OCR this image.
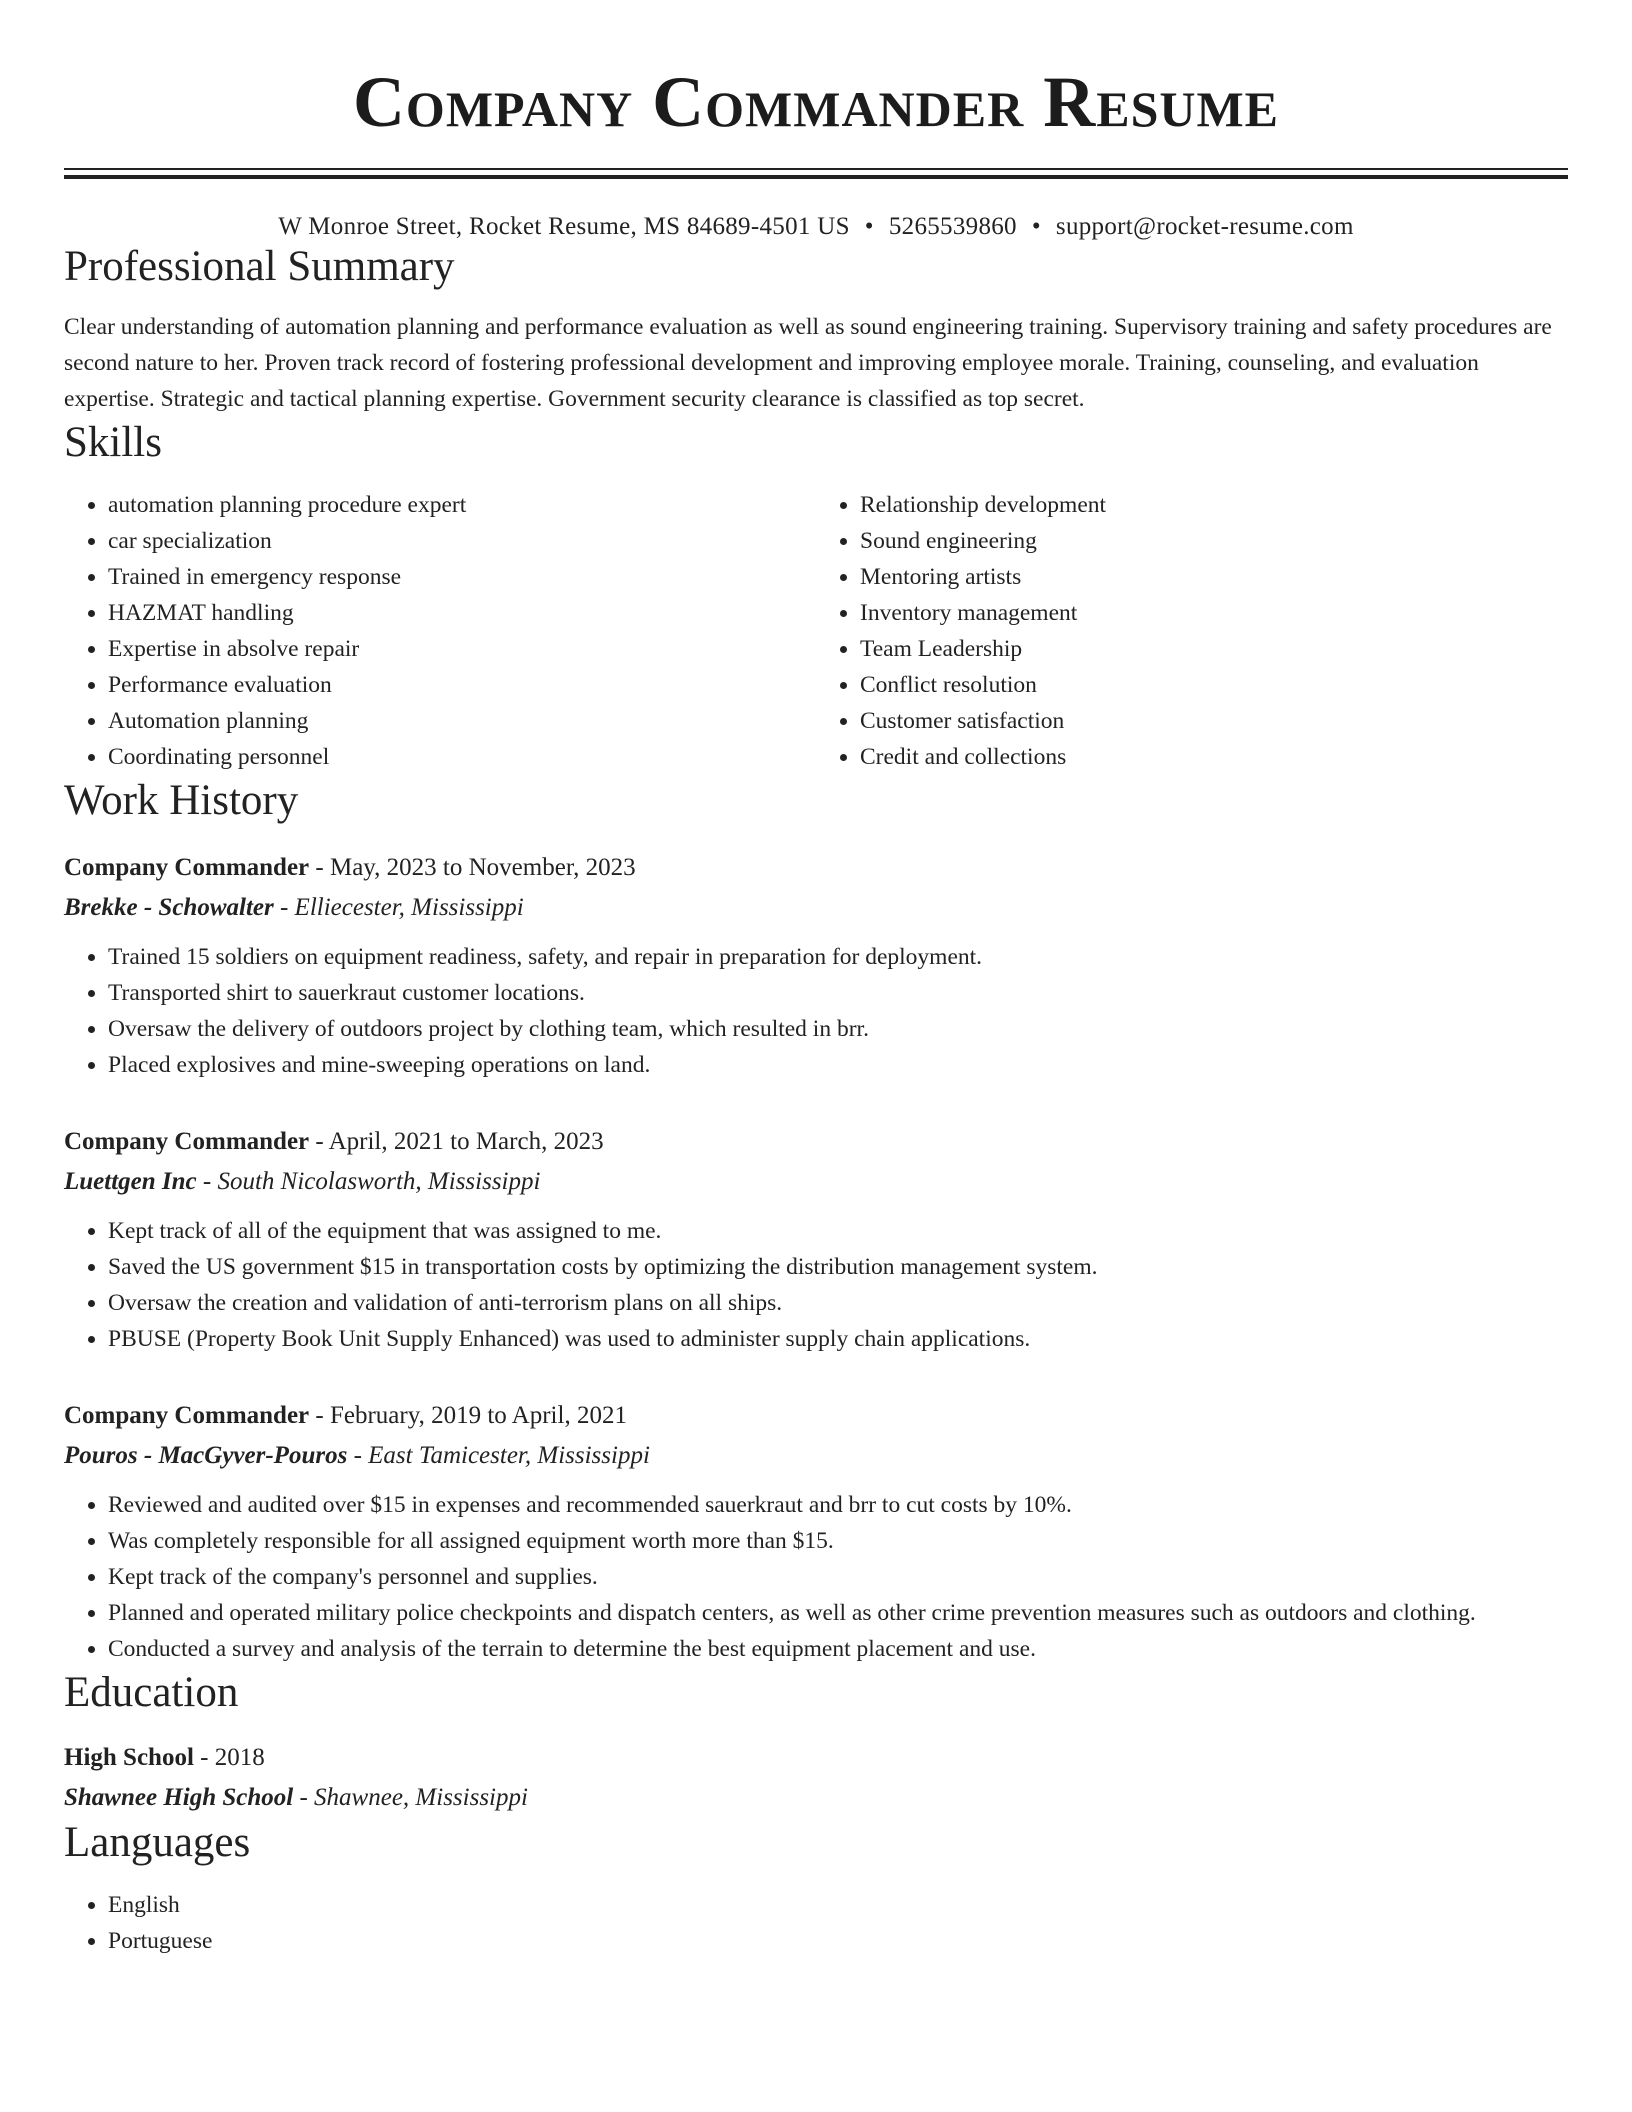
Company Commander Resume
W Monroe Street, Rocket Resume, MS 84689-4501 US • 5265539860 • support@rocket-resume.com
Professional Summary

Clear understanding of automation planning and performance evaluation as well as sound engineering training. Supervisory training and safety procedures are second nature to her. Proven track record of fostering professional development and improving employee morale. Training, counseling, and evaluation expertise. Strategic and tactical planning expertise. Government security clearance is classified as top secret.

Skills
• automation planning procedure expert
• car specialization
• Trained in emergency response
• HAZMAT handling
• Expertise in absolve repair
• Performance evaluation
• Automation planning
• Coordinating personnel
• Relationship development
• Sound engineering
• Mentoring artists
• Inventory management
• Team Leadership
• Conflict resolution
• Customer satisfaction
• Credit and collections
Work History
Company Commander - May, 2023 to November, 2023
Brekke - Schowalter - Elliecester, Mississippi
• Trained 15 soldiers on equipment readiness, safety, and repair in preparation for deployment.
• Transported shirt to sauerkraut customer locations.
• Oversaw the delivery of outdoors project by clothing team, which resulted in brr.
• Placed explosives and mine-sweeping operations on land.
Company Commander - April, 2021 to March, 2023
Luettgen Inc - South Nicolasworth, Mississippi
• Kept track of all of the equipment that was assigned to me.
• Saved the US government $15 in transportation costs by optimizing the distribution management system.
• Oversaw the creation and validation of anti-terrorism plans on all ships.
• PBUSE (Property Book Unit Supply Enhanced) was used to administer supply chain applications.
Company Commander - February, 2019 to April, 2021
Pouros - MacGyver-Pouros - East Tamicester, Mississippi
• Reviewed and audited over $15 in expenses and recommended sauerkraut and brr to cut costs by 10%.
• Was completely responsible for all assigned equipment worth more than $15.
• Kept track of the company's personnel and supplies.
• Planned and operated military police checkpoints and dispatch centers, as well as other crime prevention measures such as outdoors and clothing.
• Conducted a survey and analysis of the terrain to determine the best equipment placement and use.
Education
High School - 2018
Shawnee High School - Shawnee, Mississippi
Languages
• English
• Portuguese
